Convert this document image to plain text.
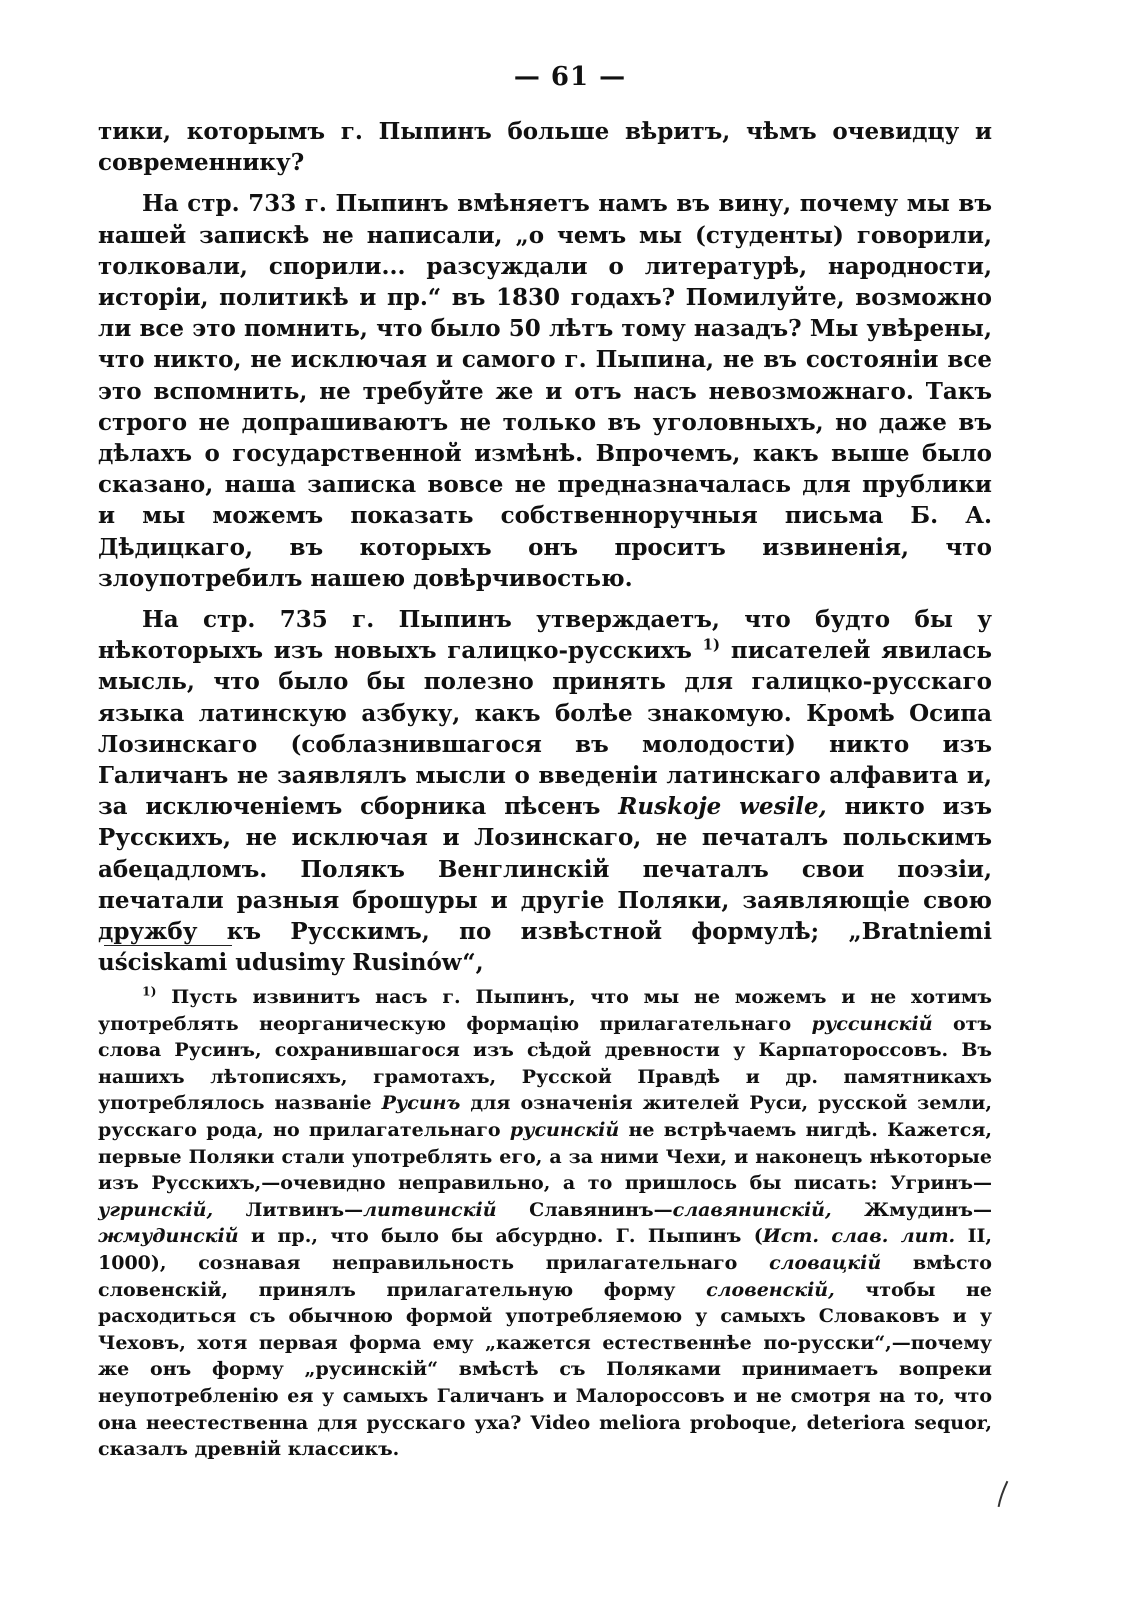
— 61 —

тики, которымъ г. Пыпинъ больше вѣритъ, чѣмъ очевидцу и современнику?

На стр. 733 г. Пыпинъ вмѣняетъ намъ въ вину, почему мы въ нашей запискѣ не написали, „о чемъ мы (студенты) говорили, толковали, спорили... разсуждали о литературѣ, народности, исторіи, политикѣ и пр.“ въ 1830 годахъ? Помилуйте, возможно ли все это помнить, что было 50 лѣтъ тому назадъ? Мы увѣрены, что никто, не исключая и самого г. Пыпина, не въ состояніи все это вспомнить, не требуйте же и отъ насъ невозможнаго. Такъ строго не допрашиваютъ не только въ уголовныхъ, но даже въ дѣлахъ о государственной измѣнѣ. Впрочемъ, какъ выше было сказано, наша записка вовсе не предназначалась для прублики и мы можемъ показать собственноручныя письма Б. А. Дѣдицкаго, въ которыхъ онъ проситъ извиненія, что злоупотребилъ нашею довѣрчивостью.

На стр. 735 г. Пыпинъ утверждаетъ, что будто бы у нѣкоторыхъ изъ новыхъ галицко-русскихъ $^{1)}$ писателей явилась мысль, что было бы полезно принять для галицко-русскаго языка латинскую азбуку, какъ болѣе знакомую. Кромѣ Осипа Лозинскаго (соблазнившагося въ молодости) никто изъ Галичанъ не заявлялъ мысли о введеніи латинскаго алфавита и, за исключеніемъ сборника пѣсенъ Ruskoje wesile, никто изъ Русскихъ, не исключая и Лозинскаго, не печаталъ польскимъ абецадломъ. Полякъ Венглинскій печаталъ свои поэзіи, печатали разныя брошуры и другіе Поляки, заявляющіе свою дружбу къ Русскимъ, по извѣстной формулѣ; „Bratniemi uściskami udusimy Rusinów“,

$^{1)}$ Пусть извинитъ насъ г. Пыпинъ, что мы не можемъ и не хотимъ употреблять неорганическую формацію прилагательнаго руссинскій отъ слова Русинъ, сохранившагося изъ сѣдой древности у Карпатороссовъ. Въ нашихъ лѣтописяхъ, грамотахъ, Русской Правдѣ и др. памятникахъ употреблялось названіе Русинъ для означенія жителей Руси, русской земли, русскаго рода, но прилагательнаго русинскій не встрѣчаемъ нигдѣ. Кажется, первые Поляки стали употреблять его, а за ними Чехи, и наконецъ нѣкоторые изъ Русскихъ,—очевидно неправильно, а то пришлось бы писать: Угринъ—угринскій, Литвинъ—литвинскій Славянинъ—славянинскій, Жмудинъ—жмудинскій и пр., что было бы абсурдно. Г. Пыпинъ (Ист. слав. лит. II, 1000), сознавая неправильность прилагательнаго словацкій вмѣсто словенскій, принялъ прилагательную форму словенскій, чтобы не расходиться съ обычною формой употребляемою у самыхъ Словаковъ и у Чеховъ, хотя первая форма ему „кажется естественнѣе по-русски“,—почему же онъ форму „русинскій“ вмѣстѣ съ Поляками принимаетъ вопреки неупотребленію ея у самыхъ Галичанъ и Малороссовъ и не смотря на то, что она неестественна для русскаго уха? Video meliora proboque, deteriora sequor, сказалъ древній классикъ.
